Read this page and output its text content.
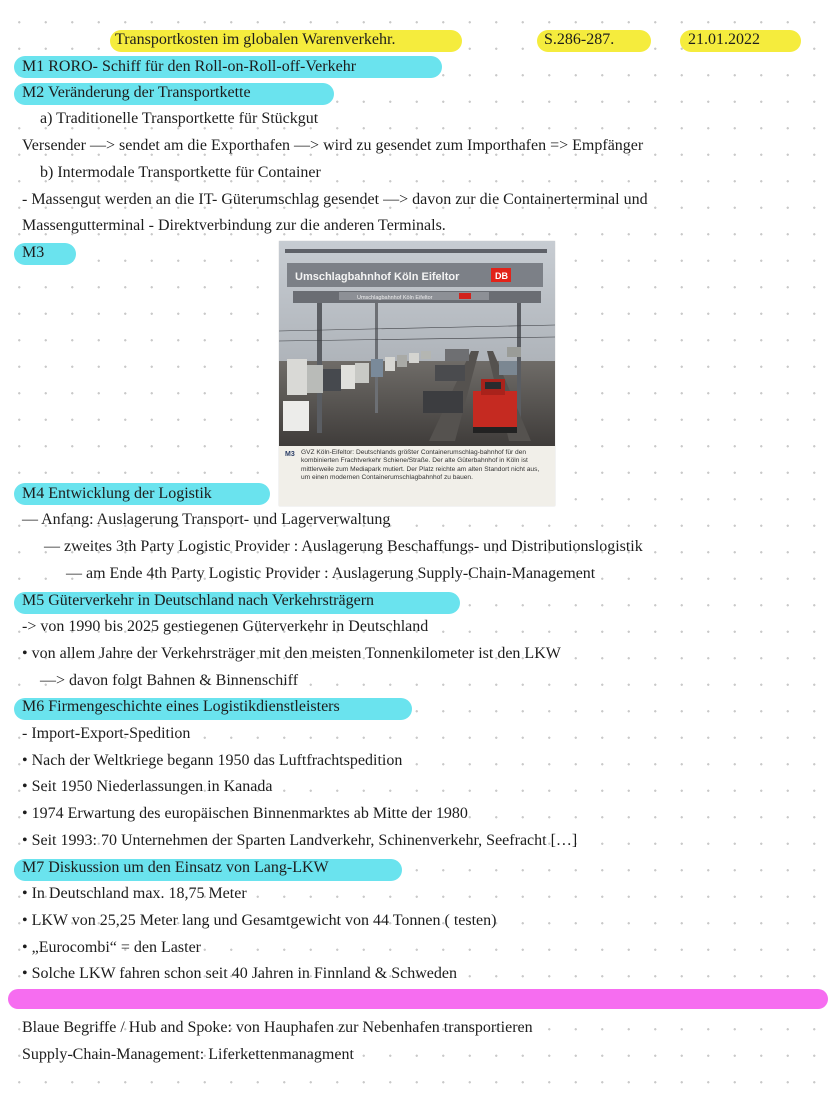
Transportkosten im globalen Warenverkehr.	S.286-287.	21.01.2022
M1 RORO- Schiff für den Roll-on-Roll-off-Verkehr
M2 Veränderung der Transportkette
a) Traditionelle Transportkette für Stückgut
Versender —> sendet am die Exporthafen —> wird zu gesendet zum Importhafen => Empfänger
b) Intermodale Transportkette für Container
- Massengut werden an die IT- Güterumschlag gesendet —> davon zur die Containerterminal und
Massengutterminal - Direktverbindung zur die anderen Terminals.
M3
Umschlagbahnhof Köln Eifeltor	DB
Umschlagbahnhof Köln Eifeltor
M3 GVZ Köln-Eifeltor: Deutschlands größter Containerumschlag-bahnhof für den kombinierten Frachtverkehr Schiene/Straße. Der alte Güterbahnhof in Köln ist mittlerweile zum Mediapark mutiert. Der Platz reichte am alten Standort nicht aus, um einen modernen Containerumschlagbahnhof zu bauen.
M4 Entwicklung der Logistik
— Anfang: Auslagerung Transport- und Lagerverwaltung
— zweites 3th Party Logistic Provider : Auslagerung Beschaffungs- und Distributionslogistik
— am Ende 4th Party Logistic Provider : Auslagerung Supply-Chain-Management
M5 Güterverkehr in Deutschland nach Verkehrsträgern
-> von 1990 bis 2025 gestiegenen Güterverkehr in Deutschland
• von allem Jahre der Verkehrsträger mit den meisten Tonnenkilometer ist den LKW
—> davon folgt Bahnen & Binnenschiff
M6 Firmengeschichte eines Logistikdienstleisters
- Import-Export-Spedition
• Nach der Weltkriege begann 1950 das Luftfrachtspedition
• Seit 1950 Niederlassungen in Kanada
• 1974 Erwartung des europäischen Binnenmarktes ab Mitte der 1980
• Seit 1993: 70 Unternehmen der Sparten Landverkehr, Schinenverkehr, Seefracht […]
M7 Diskussion um den Einsatz von Lang-LKW
• In Deutschland max. 18,75 Meter
• LKW von 25,25 Meter lang und Gesamtgewicht von 44 Tonnen ( testen)
• „Eurocombi“ = den Laster
• Solche LKW fahren schon seit 40 Jahren in Finnland & Schweden
Blaue Begriffe / Hub and Spoke: von Hauphafen zur Nebenhafen transportieren
Supply-Chain-Management: Liferkettenmanagment
